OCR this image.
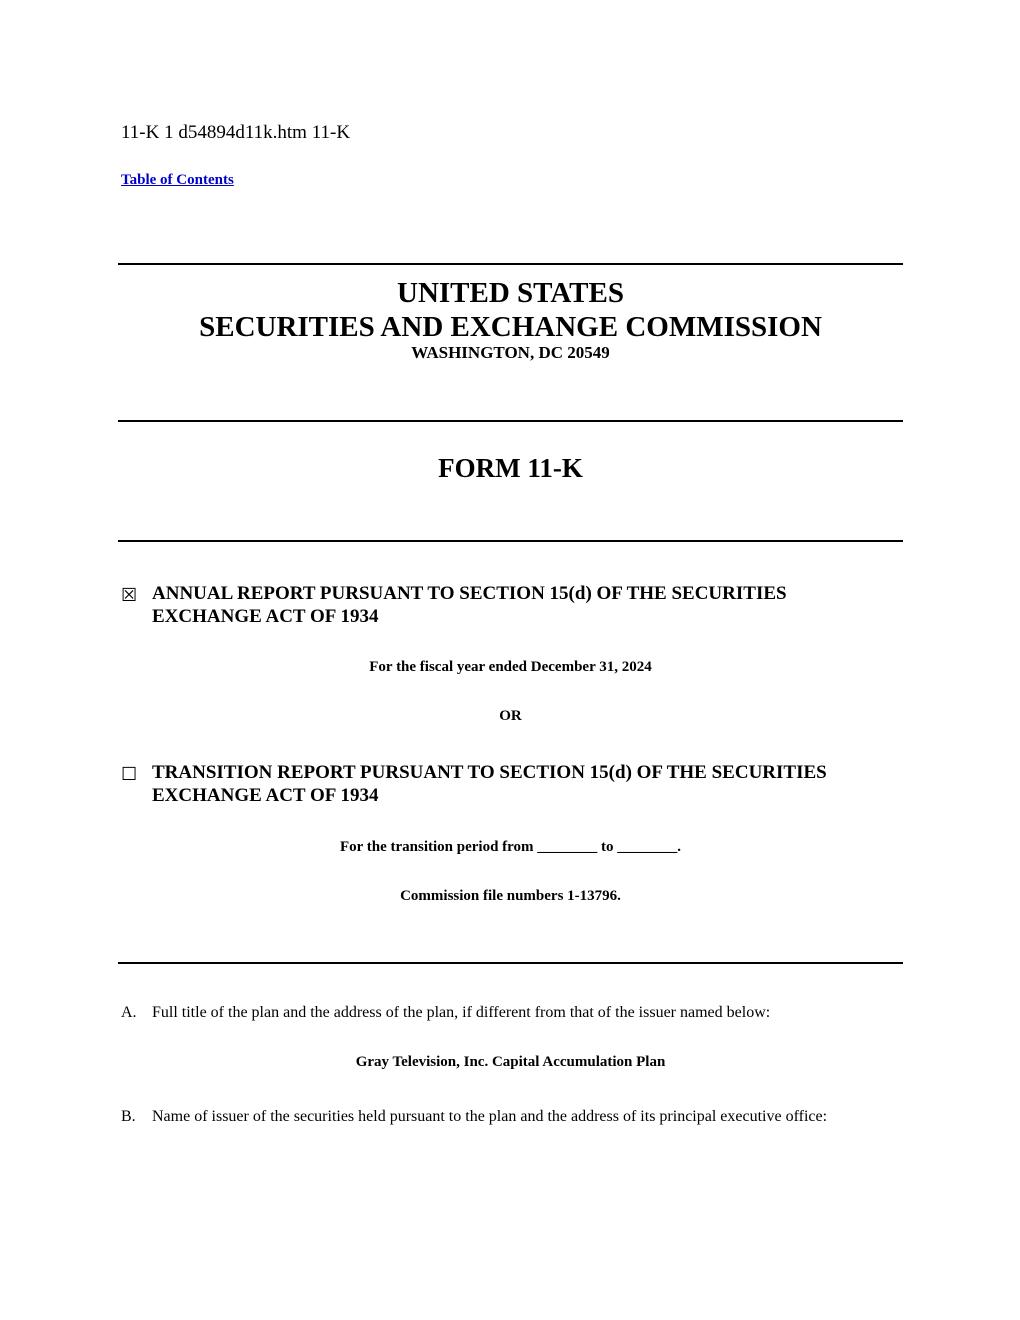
11-K 1 d54894d11k.htm 11-K
Table of Contents
UNITED STATES
SECURITIES AND EXCHANGE COMMISSION
WASHINGTON, DC 20549
FORM 11-K
☒ ANNUAL REPORT PURSUANT TO SECTION 15(d) OF THE SECURITIES
EXCHANGE ACT OF 1934
For the fiscal year ended December 31, 2024
OR
☐ TRANSITION REPORT PURSUANT TO SECTION 15(d) OF THE SECURITIES
EXCHANGE ACT OF 1934
For the transition period from ________ to ________.
Commission file numbers 1-13796.
A. Full title of the plan and the address of the plan, if different from that of the issuer named below:
Gray Television, Inc. Capital Accumulation Plan
B. Name of issuer of the securities held pursuant to the plan and the address of its principal executive office:
